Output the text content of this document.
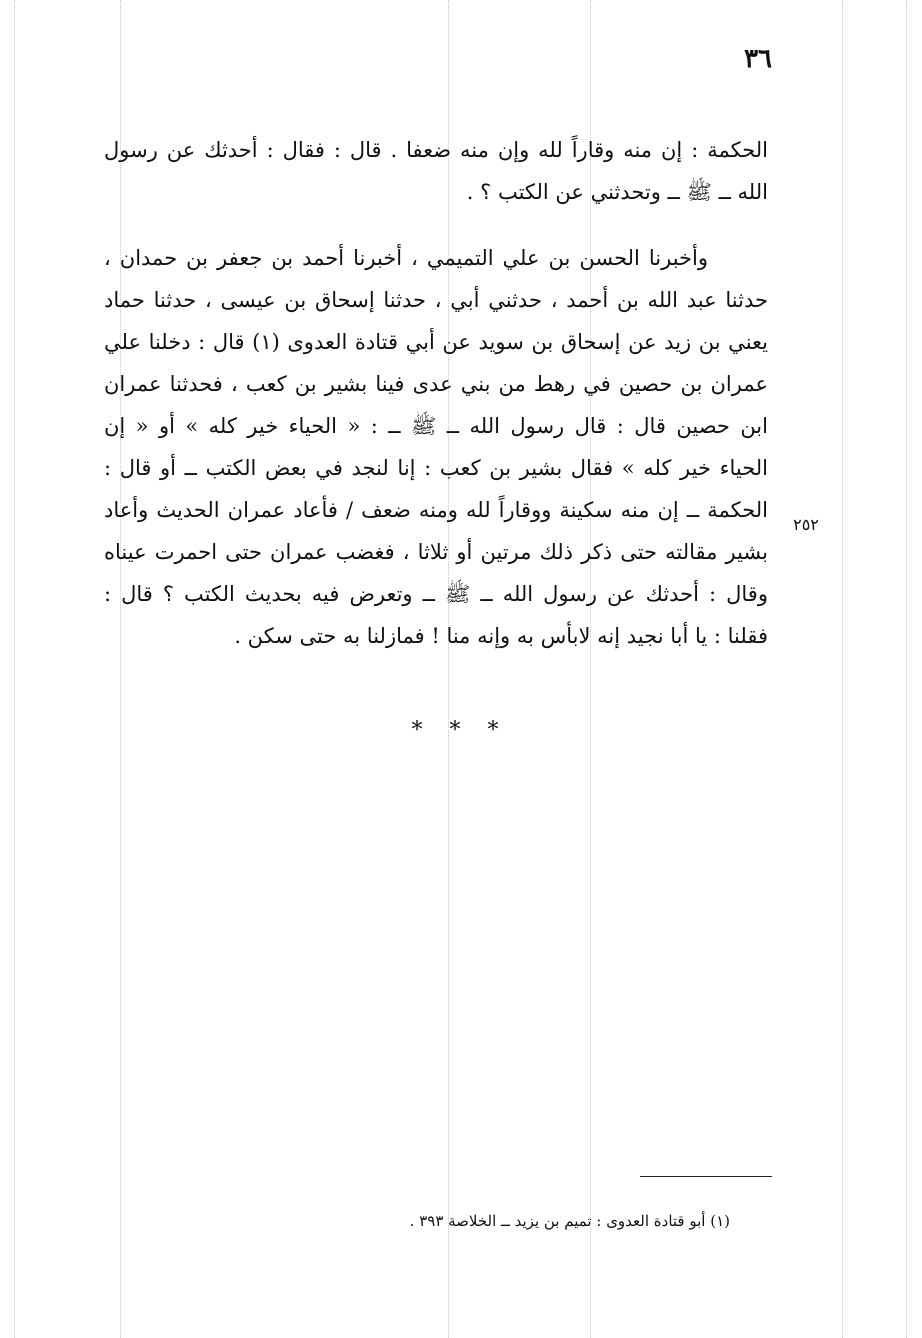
٣٦
الحكمة : إن منه وقاراً لله وإن منه ضعفا . قال : فقال : أحدثك عن رسول
الله ــ ﷺ ــ وتحدثني عن الكتب ؟ .
وأخبرنا الحسن بن علي التميمي ، أخبرنا أحمد بن جعفر بن حمدان ،
حدثنا عبد الله بن أحمد ، حدثني أبي ، حدثنا إسحاق بن عيسى ، حدثنا حماد
يعني بن زيد عن إسحاق بن سويد عن أبي قتادة العدوى (١) قال : دخلنا علي
عمران بن حصين في رهط من بني عدى فينا بشير بن كعب ، فحدثنا عمران
ابن حصين قال : قال رسول الله ــ ﷺ ــ : « الحياء خير كله » أو « إن
الحياء خير كله » فقال بشير بن كعب : إنا لنجد في بعض الكتب ــ أو قال :
الحكمة ــ إن منه سكينة ووقاراً لله ومنه ضعف / فأعاد عمران الحديث وأعاد
بشير مقالته حتى ذكر ذلك مرتين أو ثلاثا ، فغضب عمران حتى احمرت عيناه
وقال : أحدثك عن رسول الله ــ ﷺ ــ وتعرض فيه بحديث الكتب ؟ قال :
فقلنا : يا أبا نجيد إنه لابأس به وإنه منا ! فمازلنا به حتى سكن .
٢٥٢
* * *
(١) أبو قتادة العدوى : تميم بن يزيد ــ الخلاصة ٣٩٣ .
